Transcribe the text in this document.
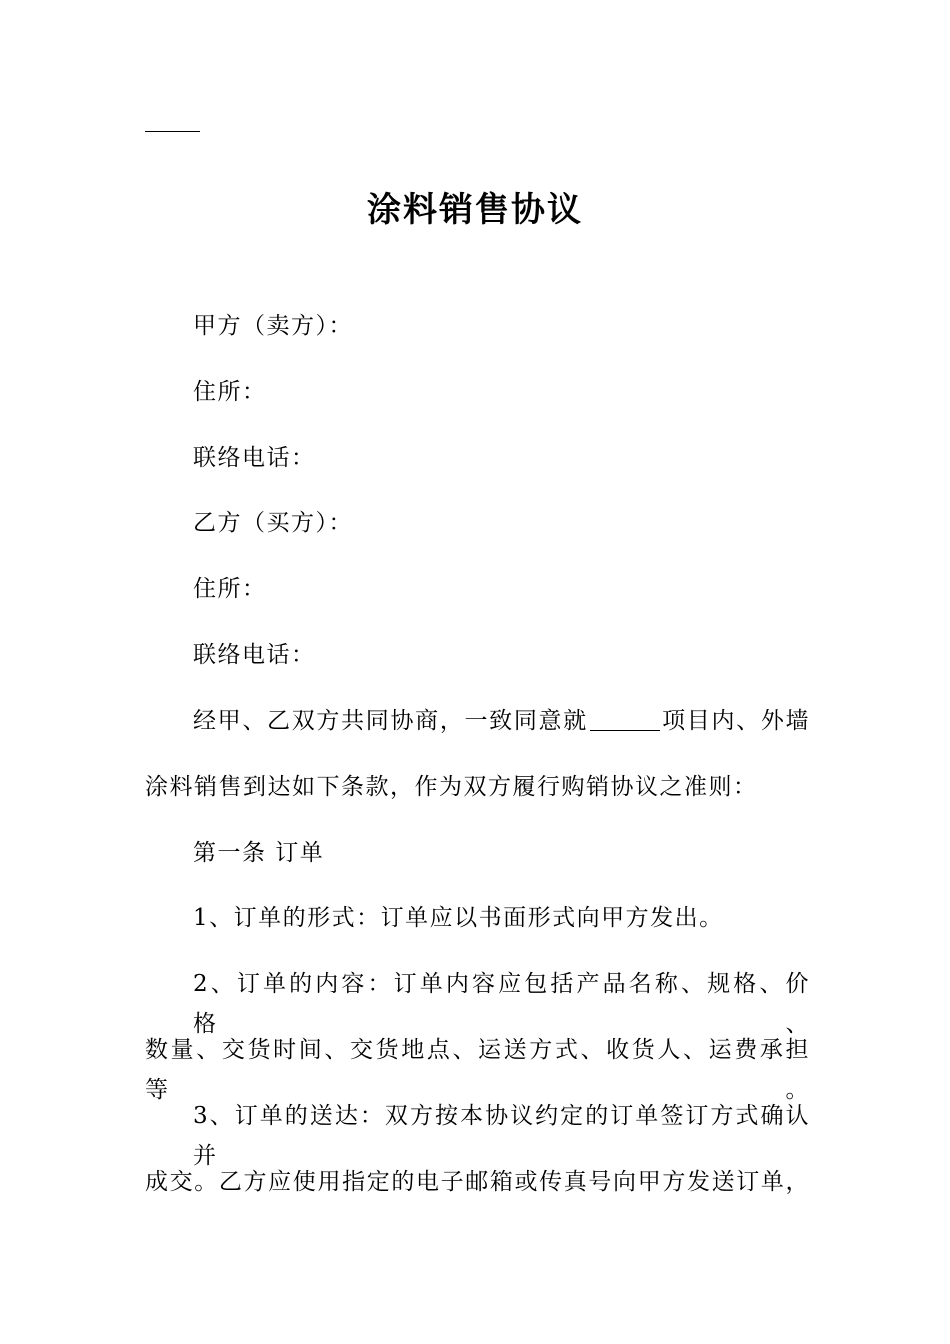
涂料销售协议
甲方（卖方）：
住所：
联络电话：
乙方（买方）：
住所：
联络电话：
经甲、乙双方共同协商，一致同意就	项目内、外墙
涂料销售到达如下条款，作为双方履行购销协议之准则：
第一条 订单
1、订单的形式：订单应以书面形式向甲方发出。
2、订单的内容：订单内容应包括产品名称、规格、价格、
数量、交货时间、交货地点、运送方式、收货人、运费承担等。
3、订单的送达：双方按本协议约定的订单签订方式确认并
成交。乙方应使用指定的电子邮箱或传真号向甲方发送订单，
